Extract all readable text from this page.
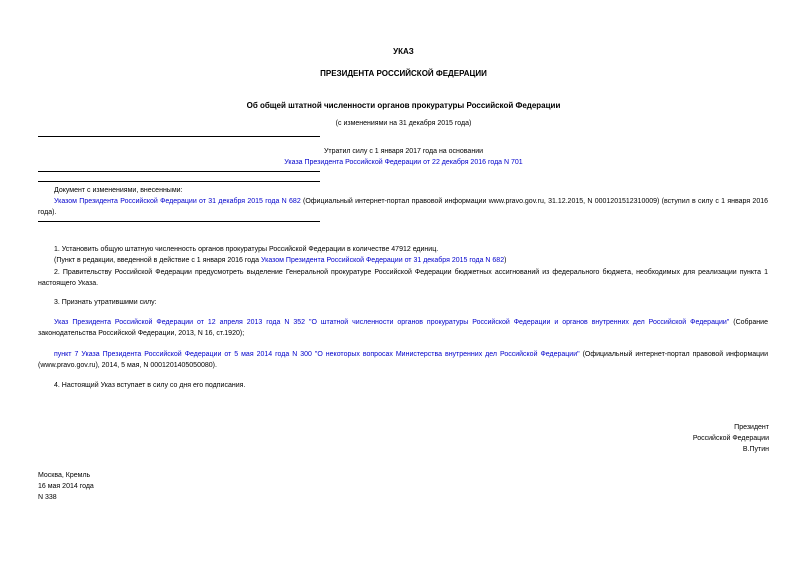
УКАЗ
ПРЕЗИДЕНТА РОССИЙСКОЙ ФЕДЕРАЦИИ
Об общей штатной численности органов прокуратуры Российской Федерации
(с изменениями на 31 декабря 2015 года)
Утратил силу с 1 января 2017 года на основании
Указа Президента Российской Федерации от 22 декабря 2016 года N 701
Документ с изменениями, внесенными:
Указом Президента Российской Федерации от 31 декабря 2015 года N 682 (Официальный интернет-портал правовой информации www.pravo.gov.ru, 31.12.2015, N 0001201512310009) (вступил в силу с 1 января 2016 года).
1. Установить общую штатную численность органов прокуратуры Российской Федерации в количестве 47912 единиц.
(Пункт в редакции, введенной в действие с 1 января 2016 года Указом Президента Российской Федерации от 31 декабря 2015 года N 682)
2. Правительству Российской Федерации предусмотреть выделение Генеральной прокуратуре Российской Федерации бюджетных ассигнований из федерального бюджета, необходимых для реализации пункта 1 настоящего Указа.
3. Признать утратившими силу:
Указ Президента Российской Федерации от 12 апреля 2013 года N 352 "О штатной численности органов прокуратуры Российской Федерации и органов внутренних дел Российской Федерации" (Собрание законодательства Российской Федерации, 2013, N 16, ст.1920);
пункт 7 Указа Президента Российской Федерации от 5 мая 2014 года N 300 "О некоторых вопросах Министерства внутренних дел Российской Федерации" (Официальный интернет-портал правовой информации (www.pravo.gov.ru), 2014, 5 мая, N 0001201405050080).
4. Настоящий Указ вступает в силу со дня его подписания.
Президент
Российской Федерации
В.Путин
Москва, Кремль
16 мая 2014 года
N 338
